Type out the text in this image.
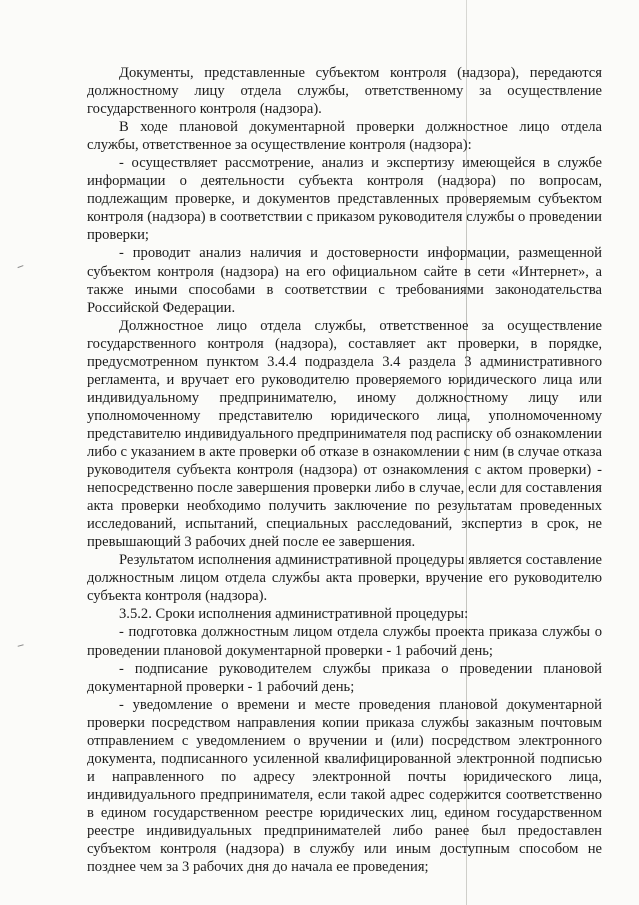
Документы, представленные субъектом контроля (надзора), передаются должностному лицу отдела службы, ответственному за осуществление государственного контроля (надзора).

В ходе плановой документарной проверки должностное лицо отдела службы, ответственное за осуществление контроля (надзора):

- осуществляет рассмотрение, анализ и экспертизу имеющейся в службе информации о деятельности субъекта контроля (надзора) по вопросам, подлежащим проверке, и документов представленных проверяемым субъектом контроля (надзора) в соответствии с приказом руководителя службы о проведении проверки;

- проводит анализ наличия и достоверности информации, размещенной субъектом контроля (надзора) на его официальном сайте в сети «Интернет», а также иными способами в соответствии с требованиями законодательства Российской Федерации.

Должностное лицо отдела службы, ответственное за осуществление государственного контроля (надзора), составляет акт проверки, в порядке, предусмотренном пунктом 3.4.4 подраздела 3.4 раздела 3 административного регламента, и вручает его руководителю проверяемого юридического лица или индивидуальному предпринимателю, иному должностному лицу или уполномоченному представителю юридического лица, уполномоченному представителю индивидуального предпринимателя под расписку об ознакомлении либо с указанием в акте проверки об отказе в ознакомлении с ним (в случае отказа руководителя субъекта контроля (надзора) от ознакомления с актом проверки) - непосредственно после завершения проверки либо в случае, если для составления акта проверки необходимо получить заключение по результатам проведенных исследований, испытаний, специальных расследований, экспертиз в срок, не превышающий 3 рабочих дней после ее завершения.

Результатом исполнения административной процедуры является составление должностным лицом отдела службы акта проверки, вручение его руководителю субъекта контроля (надзора).

3.5.2. Сроки исполнения административной процедуры:

- подготовка должностным лицом отдела службы проекта приказа службы о проведении плановой документарной проверки - 1 рабочий день;

- подписание руководителем службы приказа о проведении плановой документарной проверки - 1 рабочий день;

- уведомление о времени и месте проведения плановой документарной проверки посредством направления копии приказа службы заказным почтовым отправлением с уведомлением о вручении и (или) посредством электронного документа, подписанного усиленной квалифицированной электронной подписью и направленного по адресу электронной почты юридического лица, индивидуального предпринимателя, если такой адрес содержится соответственно в едином государственном реестре юридических лиц, едином государственном реестре индивидуальных предпринимателей либо ранее был предоставлен субъектом контроля (надзора) в службу или иным доступным способом не позднее чем за 3 рабочих дня до начала ее проведения;
